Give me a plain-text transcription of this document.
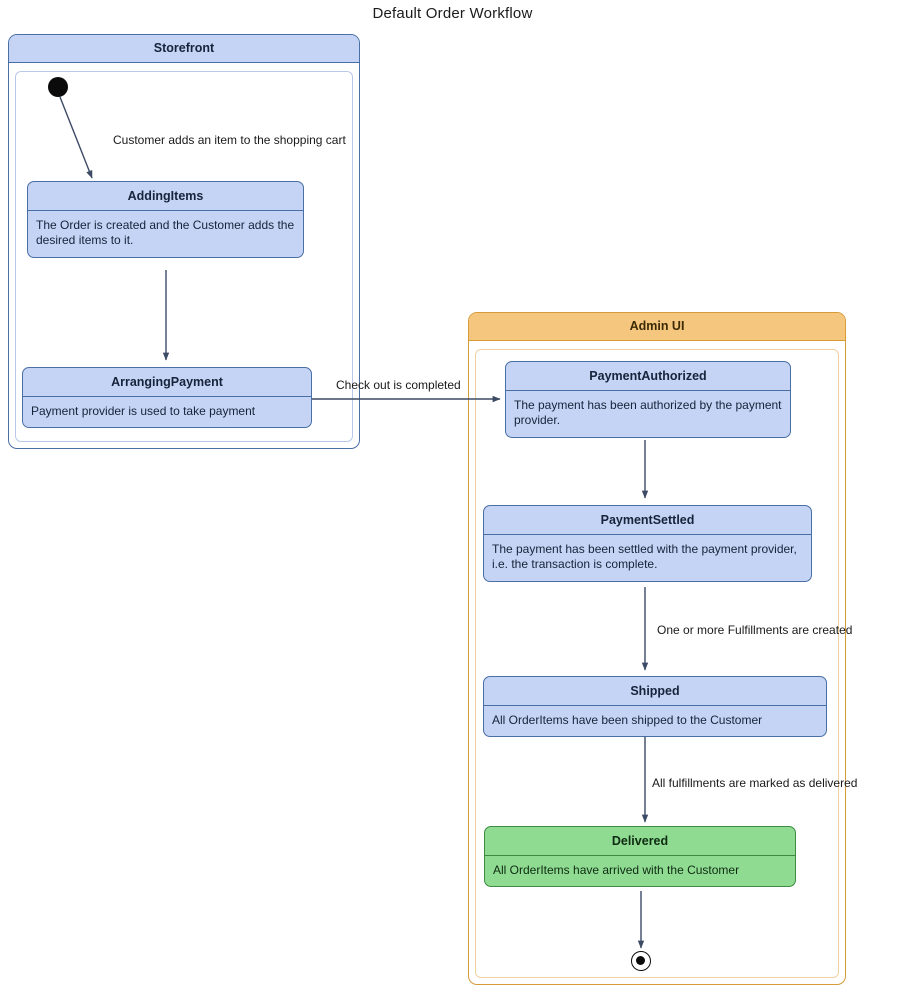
Default Order Workflow
Storefront
Admin UI
AddingItems
The Order is created and the Customer adds the desired items to it.
ArrangingPayment
Payment provider is used to take payment
PaymentAuthorized
The payment has been authorized by the payment provider.
PaymentSettled
The payment has been settled with the payment provider, i.e. the transaction is complete.
Shipped
All OrderItems have been shipped to the Customer
Delivered
All OrderItems have arrived with the Customer
Customer adds an item to the shopping cart
Check out is completed
One or more Fulfillments are created
All fulfillments are marked as delivered
